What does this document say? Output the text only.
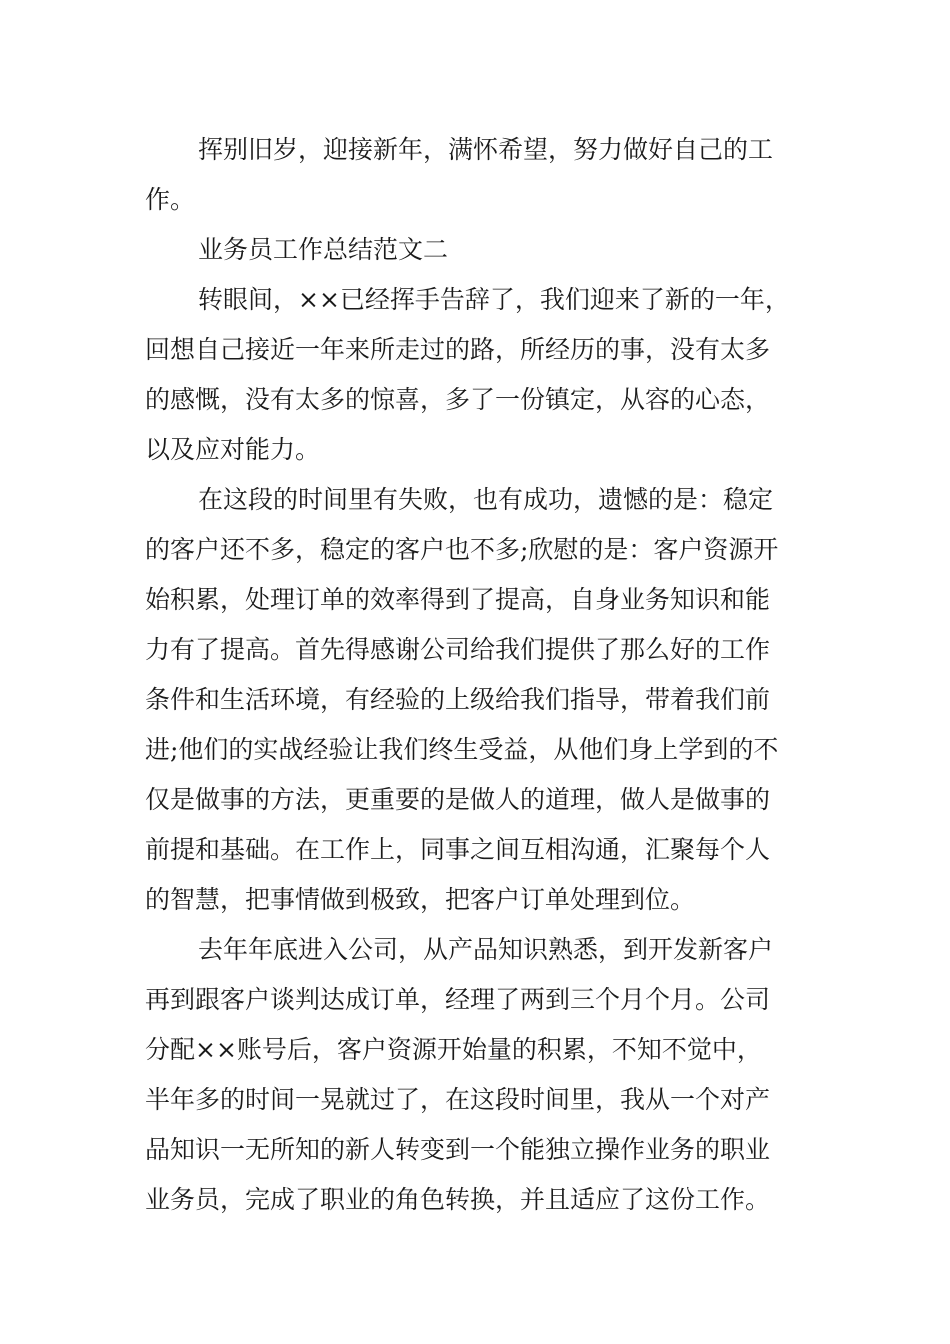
挥别旧岁，迎接新年，满怀希望，努力做好自己的工
作。
业务员工作总结范文二
转眼间，××已经挥手告辞了，我们迎来了新的一年，
回想自己接近一年来所走过的路，所经历的事，没有太多
的感慨，没有太多的惊喜，多了一份镇定，从容的心态，
以及应对能力。
在这段的时间里有失败，也有成功，遗憾的是：稳定
的客户还不多，稳定的客户也不多;欣慰的是：客户资源开
始积累，处理订单的效率得到了提高，自身业务知识和能
力有了提高。首先得感谢公司给我们提供了那么好的工作
条件和生活环境，有经验的上级给我们指导，带着我们前
进;他们的实战经验让我们终生受益，从他们身上学到的不
仅是做事的方法，更重要的是做人的道理，做人是做事的
前提和基础。在工作上，同事之间互相沟通，汇聚每个人
的智慧，把事情做到极致，把客户订单处理到位。
去年年底进入公司，从产品知识熟悉，到开发新客户
再到跟客户谈判达成订单，经理了两到三个月个月。公司
分配××账号后，客户资源开始量的积累，不知不觉中，
半年多的时间一晃就过了，在这段时间里，我从一个对产
品知识一无所知的新人转变到一个能独立操作业务的职业
业务员，完成了职业的角色转换，并且适应了这份工作。
